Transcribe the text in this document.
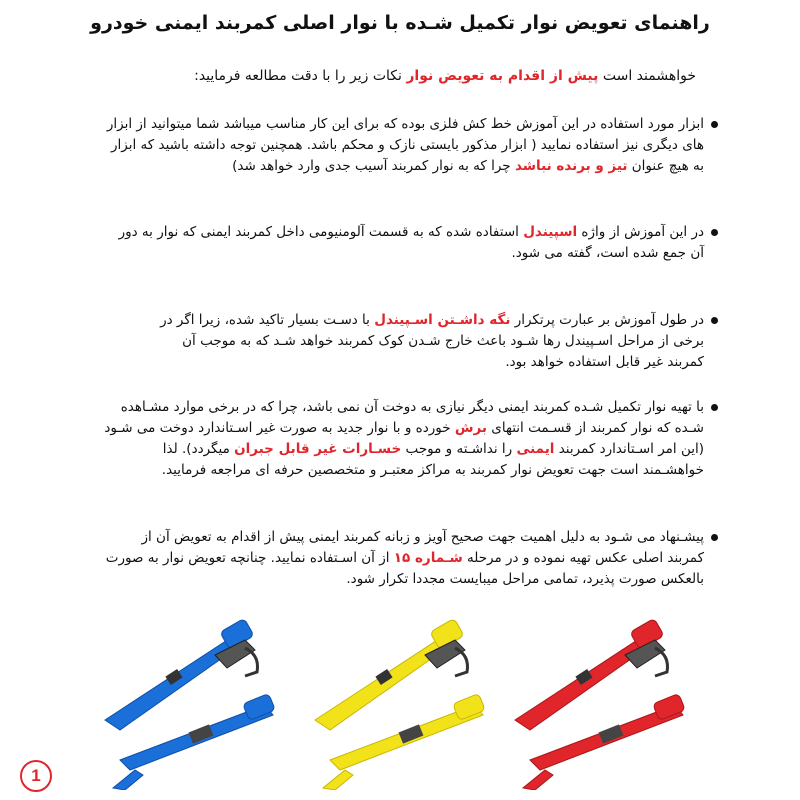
راهنمای تعویض نوار تکمیل شـده با نوار اصلی کمربند ایمنی خودرو
خواهشمند است پیش از اقدام به تعویض نوار نکات زیر را با دقت مطالعه فرمایید:
ابزار مورد استفاده در این آموزش خط کش فلزی بوده که برای این کار مناسب میباشد شما میتوانید از ابزار های دیگری نیز استفاده نمایید ( ابزار مذکور بایستی نازک و محکم باشد. همچنین توجه داشته باشید که ابزار به هیچ عنوان تیز و برنده نباشد چرا که به نوار کمربند آسیب جدی وارد خواهد شد)
در این آموزش از واژه اسپیندل استفاده شده که به قسمت آلومنیومی داخل کمربند ایمنی که نوار به دور آن جمع شده است، گفته می شود.
در طول آموزش بر عبارت پرتکرار نگه داشـتن اسـپیندل با دسـت بسیار تاکید شده، زیرا اگر در برخی از مراحل اسـپیندل رها شـود باعث خارج شـدن کوک کمربند خواهد شـد که به موجب آن کمربند غیر قابل استفاده خواهد بود.
با تهیه نوار تکمیل شـده کمربند ایمنی دیگر نیازی به دوخت آن نمی باشد، چرا که در برخی موارد مشـاهده شـده که نوار کمربند از قسـمت انتهای برش خورده و با نوار جدید به صورت غیر اسـتاندارد دوخت می شـود (این امر اسـتاندارد کمربند ایمنی را نداشـته و موجب خسـارات غیر قابل جبران میگردد). لذا خواهشـمند است جهت تعویض نوار کمربند به مراکز معتبـر و متخصصین حرفه ای مراجعه فرمایید.
پیشـنهاد می شـود به دلیل اهمیت جهت صحیح آویز و زبانه کمربند ایمنی پیش از اقدام به تعویض آن از کمربند اصلی عکس تهیه نموده و در مرحله شـماره ۱۵ از آن اسـتفاده نمایید. چنانچه تعویض نوار به صورت بالعکس صورت پذیرد، تمامی مراحل میبایست مجددا تکرار شود.
1
